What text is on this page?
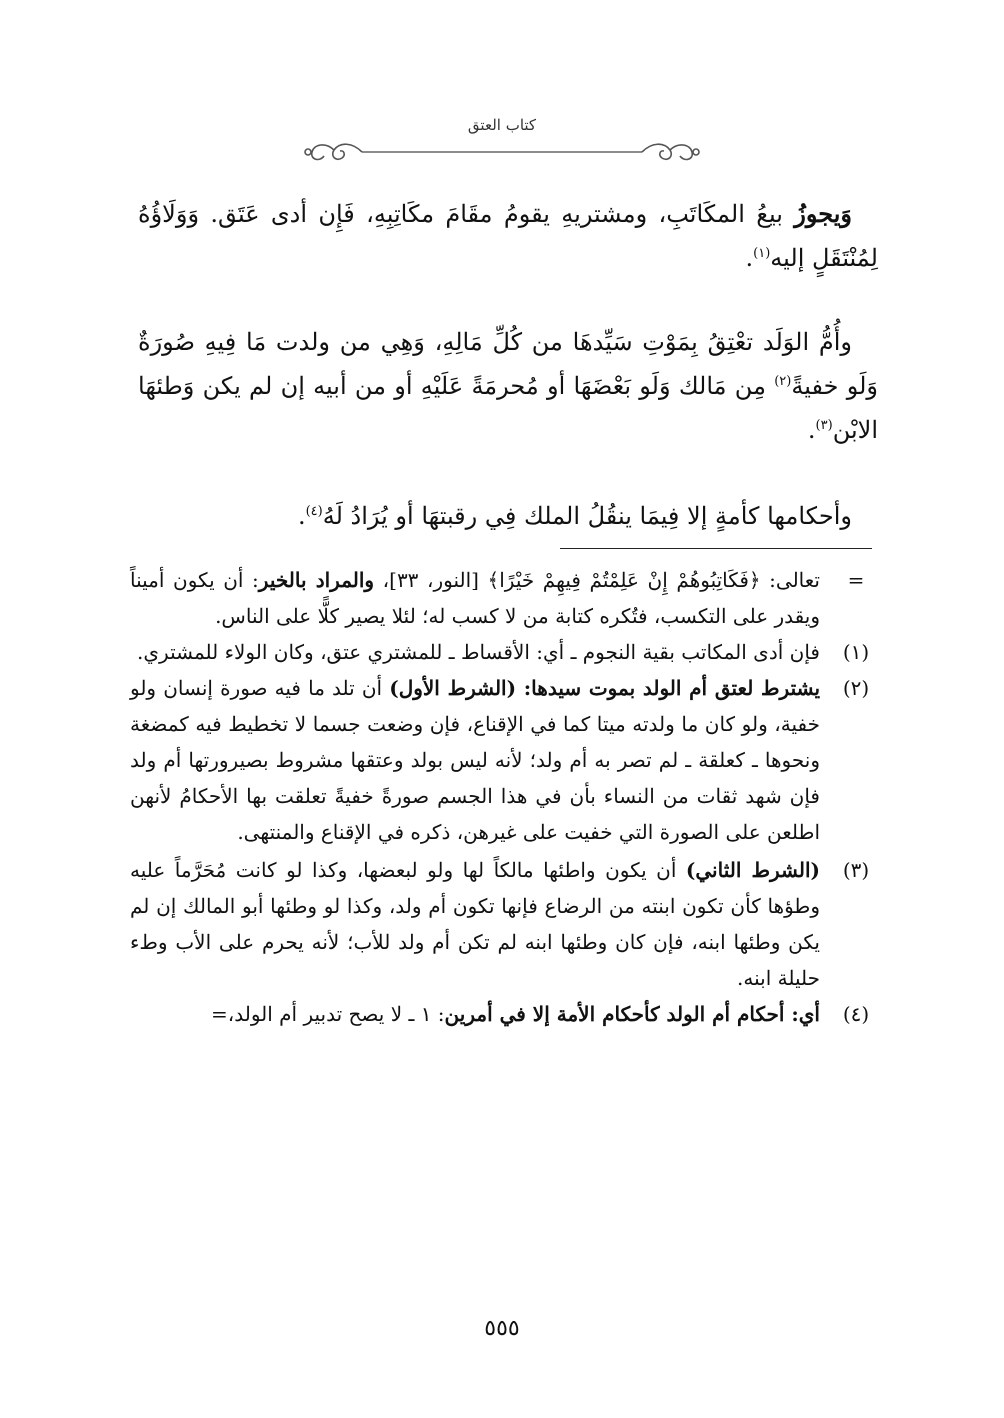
كتاب العتق

وَيجوزُ بيعُ المكَاتَبِ، ومشتريهِ يقومُ مقَامَ مكَاتِبِهِ، فَإِن أدى عَتَق. وَوَلَاؤُهُ لِمُنْتَقَلٍ إليه$^{(١)}$.

وأُمُّ الوَلَد تعْتِقُ بِمَوْتِ سَيِّدهَا من كُلِّ مَالِهِ، وَهِي من ولدت مَا فِيهِ صُورَةٌ وَلَو خفيةً$^{(٢)}$ مِن مَالك وَلَو بَعْضَهَا أو مُحرمَةً عَلَيْهِ أو من أبيه إن لم يكن وَطئهَا الابْن$^{(٣)}$.

وأحكامها كأمةٍ إلا فِيمَا ينقُلُ الملك فِي رقبتهَا أو يُرَادُ لَهُ$^{(٤)}$.

=
تعالى: ﴿فَكَاتِبُوهُمْ إِنْ عَلِمْتُمْ فِيهِمْ خَيْرًا﴾ [النور، ٣٣]، والمراد بالخير: أن يكون أميناً ويقدر على التكسب، فتُكره كتابة من لا كسب له؛ لئلا يصير كلًّا على الناس.

(١)
فإن أدى المكاتب بقية النجوم ـ أي: الأقساط ـ للمشتري عتق، وكان الولاء للمشتري.

(٢)
يشترط لعتق أم الولد بموت سيدها: (الشرط الأول) أن تلد ما فيه صورة إنسان ولو خفية، ولو كان ما ولدته ميتا كما في الإقناع، فإن وضعت جسما لا تخطيط فيه كمضغة ونحوها ـ كعلقة ـ لم تصر به أم ولد؛ لأنه ليس بولد وعتقها مشروط بصيرورتها أم ولد فإن شهد ثقات من النساء بأن في هذا الجسم صورةً خفيةً تعلقت بها الأحكامُ لأنهن اطلعن على الصورة التي خفيت على غيرهن، ذكره في الإقناع والمنتهى.

(٣)
(الشرط الثاني) أن يكون واطئها مالكاً لها ولو لبعضها، وكذا لو كانت مُحَرَّماً عليه وطؤها كأن تكون ابنته من الرضاع فإنها تكون أم ولد، وكذا لو وطئها أبو المالك إن لم يكن وطئها ابنه، فإن كان وطئها ابنه لم تكن أم ولد للأب؛ لأنه يحرم على الأب وطء حليلة ابنه.

(٤)
أي: أحكام أم الولد كأحكام الأمة إلا في أمرين: ١ ـ لا يصح تدبير أم الولد،=

٥٥٥
